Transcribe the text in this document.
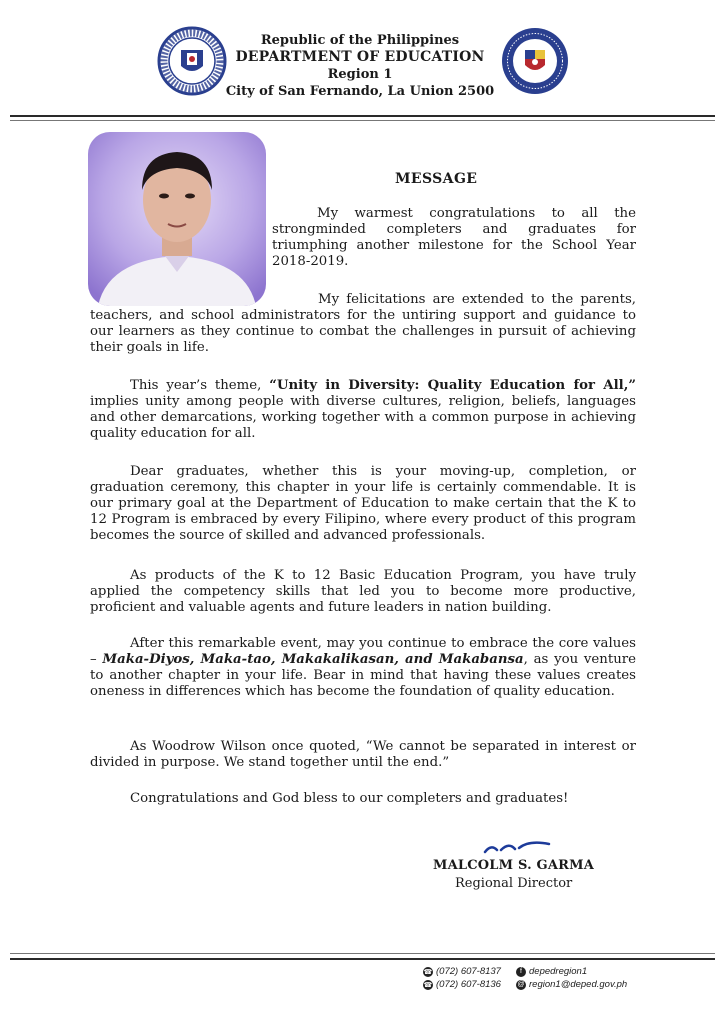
Republic of the Philippines
DEPARTMENT OF EDUCATION
Region 1
City of San Fernando, La Union 2500
MESSAGE

My warmest congratulations to all the strongminded completers and graduates for triumphing another milestone for the School Year 2018-2019.

My felicitations are extended to the parents, teachers, and school administrators for the untiring support and guidance to our learners as they continue to combat the challenges in pursuit of achieving their goals in life.

This year’s theme, “Unity in Diversity: Quality Education for All,” implies unity among people with diverse cultures, religion, beliefs, languages and other demarcations, working together with a common purpose in achieving quality education for all.

Dear graduates, whether this is your moving-up, completion, or graduation ceremony, this chapter in your life is certainly commendable. It is our primary goal at the Department of Education to make certain that the K to 12 Program is embraced by every Filipino, where every product of this program becomes the source of skilled and advanced professionals.

As products of the K to 12 Basic Education Program, you have truly applied the competency skills that led you to become more productive, proficient and valuable agents and future leaders in nation building.

After this remarkable event, may you continue to embrace the core values – Maka-Diyos, Maka-tao, Makakalikasan, and Makabansa, as you venture to another chapter in your life. Bear in mind that having these values creates oneness in differences which has become the foundation of quality education.

As Woodrow Wilson once quoted, “We cannot be separated in interest or divided in purpose. We stand together until the end.”

Congratulations and God bless to our completers and graduates!

MALCOLM S. GARMA
Regional Director
☎ (072) 607-8137
☎ (072) 607-8136
f depedregion1
@ region1@deped.gov.ph
